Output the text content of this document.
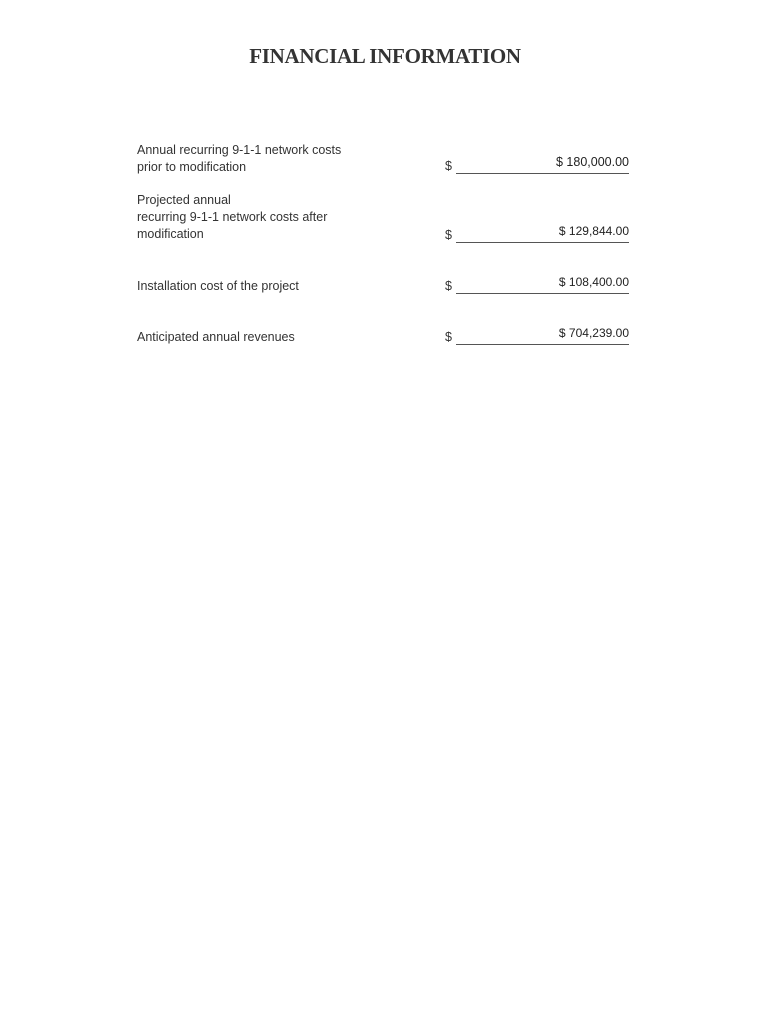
FINANCIAL INFORMATION
Annual recurring 9-1-1 network costs
prior to modification	$	$ 180,000.00
Projected annual
recurring 9-1-1 network costs after
modification	$	$ 129,844.00
Installation cost of the project	$	$ 108,400.00
Anticipated annual revenues	$	$ 704,239.00
